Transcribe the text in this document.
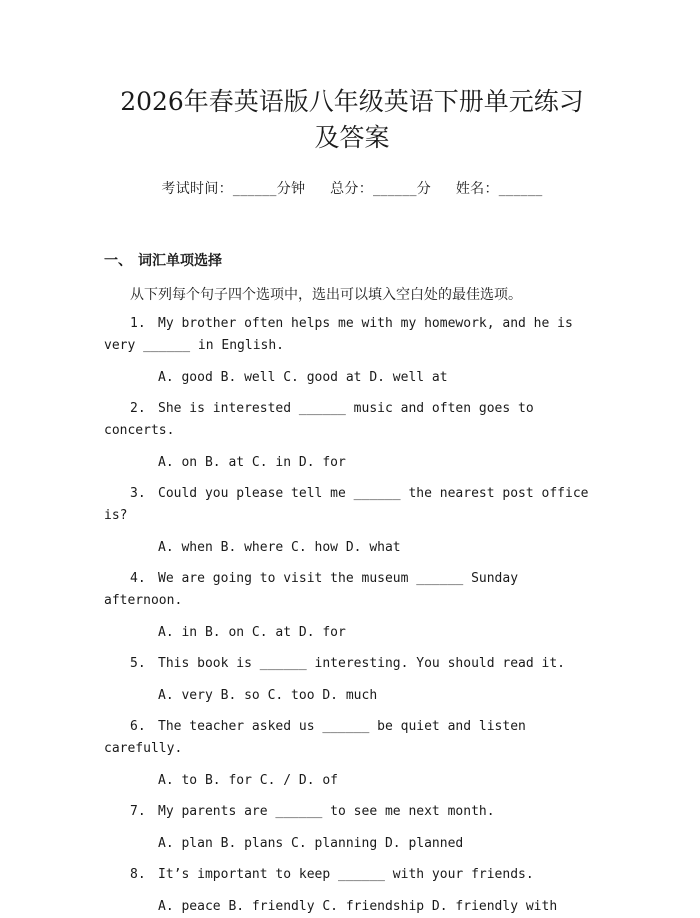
2026年春英语版八年级英语下册单元练习及答案
考试时间：______分钟 总分：______分 姓名：______
一、 词汇单项选择
从下列每个句子四个选项中，选出可以填入空白处的最佳选项。
1. My brother often helps me with my homework, and he is very ______ in English.
A. good B. well C. good at D. well at
2. She is interested ______ music and often goes to concerts.
A. on B. at C. in D. for
3. Could you please tell me ______ the nearest post office is?
A. when B. where C. how D. what
4. We are going to visit the museum ______ Sunday afternoon.
A. in B. on C. at D. for
5. This book is ______ interesting. You should read it.
A. very B. so C. too D. much
6. The teacher asked us ______ be quiet and listen carefully.
A. to B. for C. / D. of
7. My parents are ______ to see me next month.
A. plan B. plans C. planning D. planned
8. It’s important to keep ______ with your friends.
A. peace B. friendly C. friendship D. friendly with
